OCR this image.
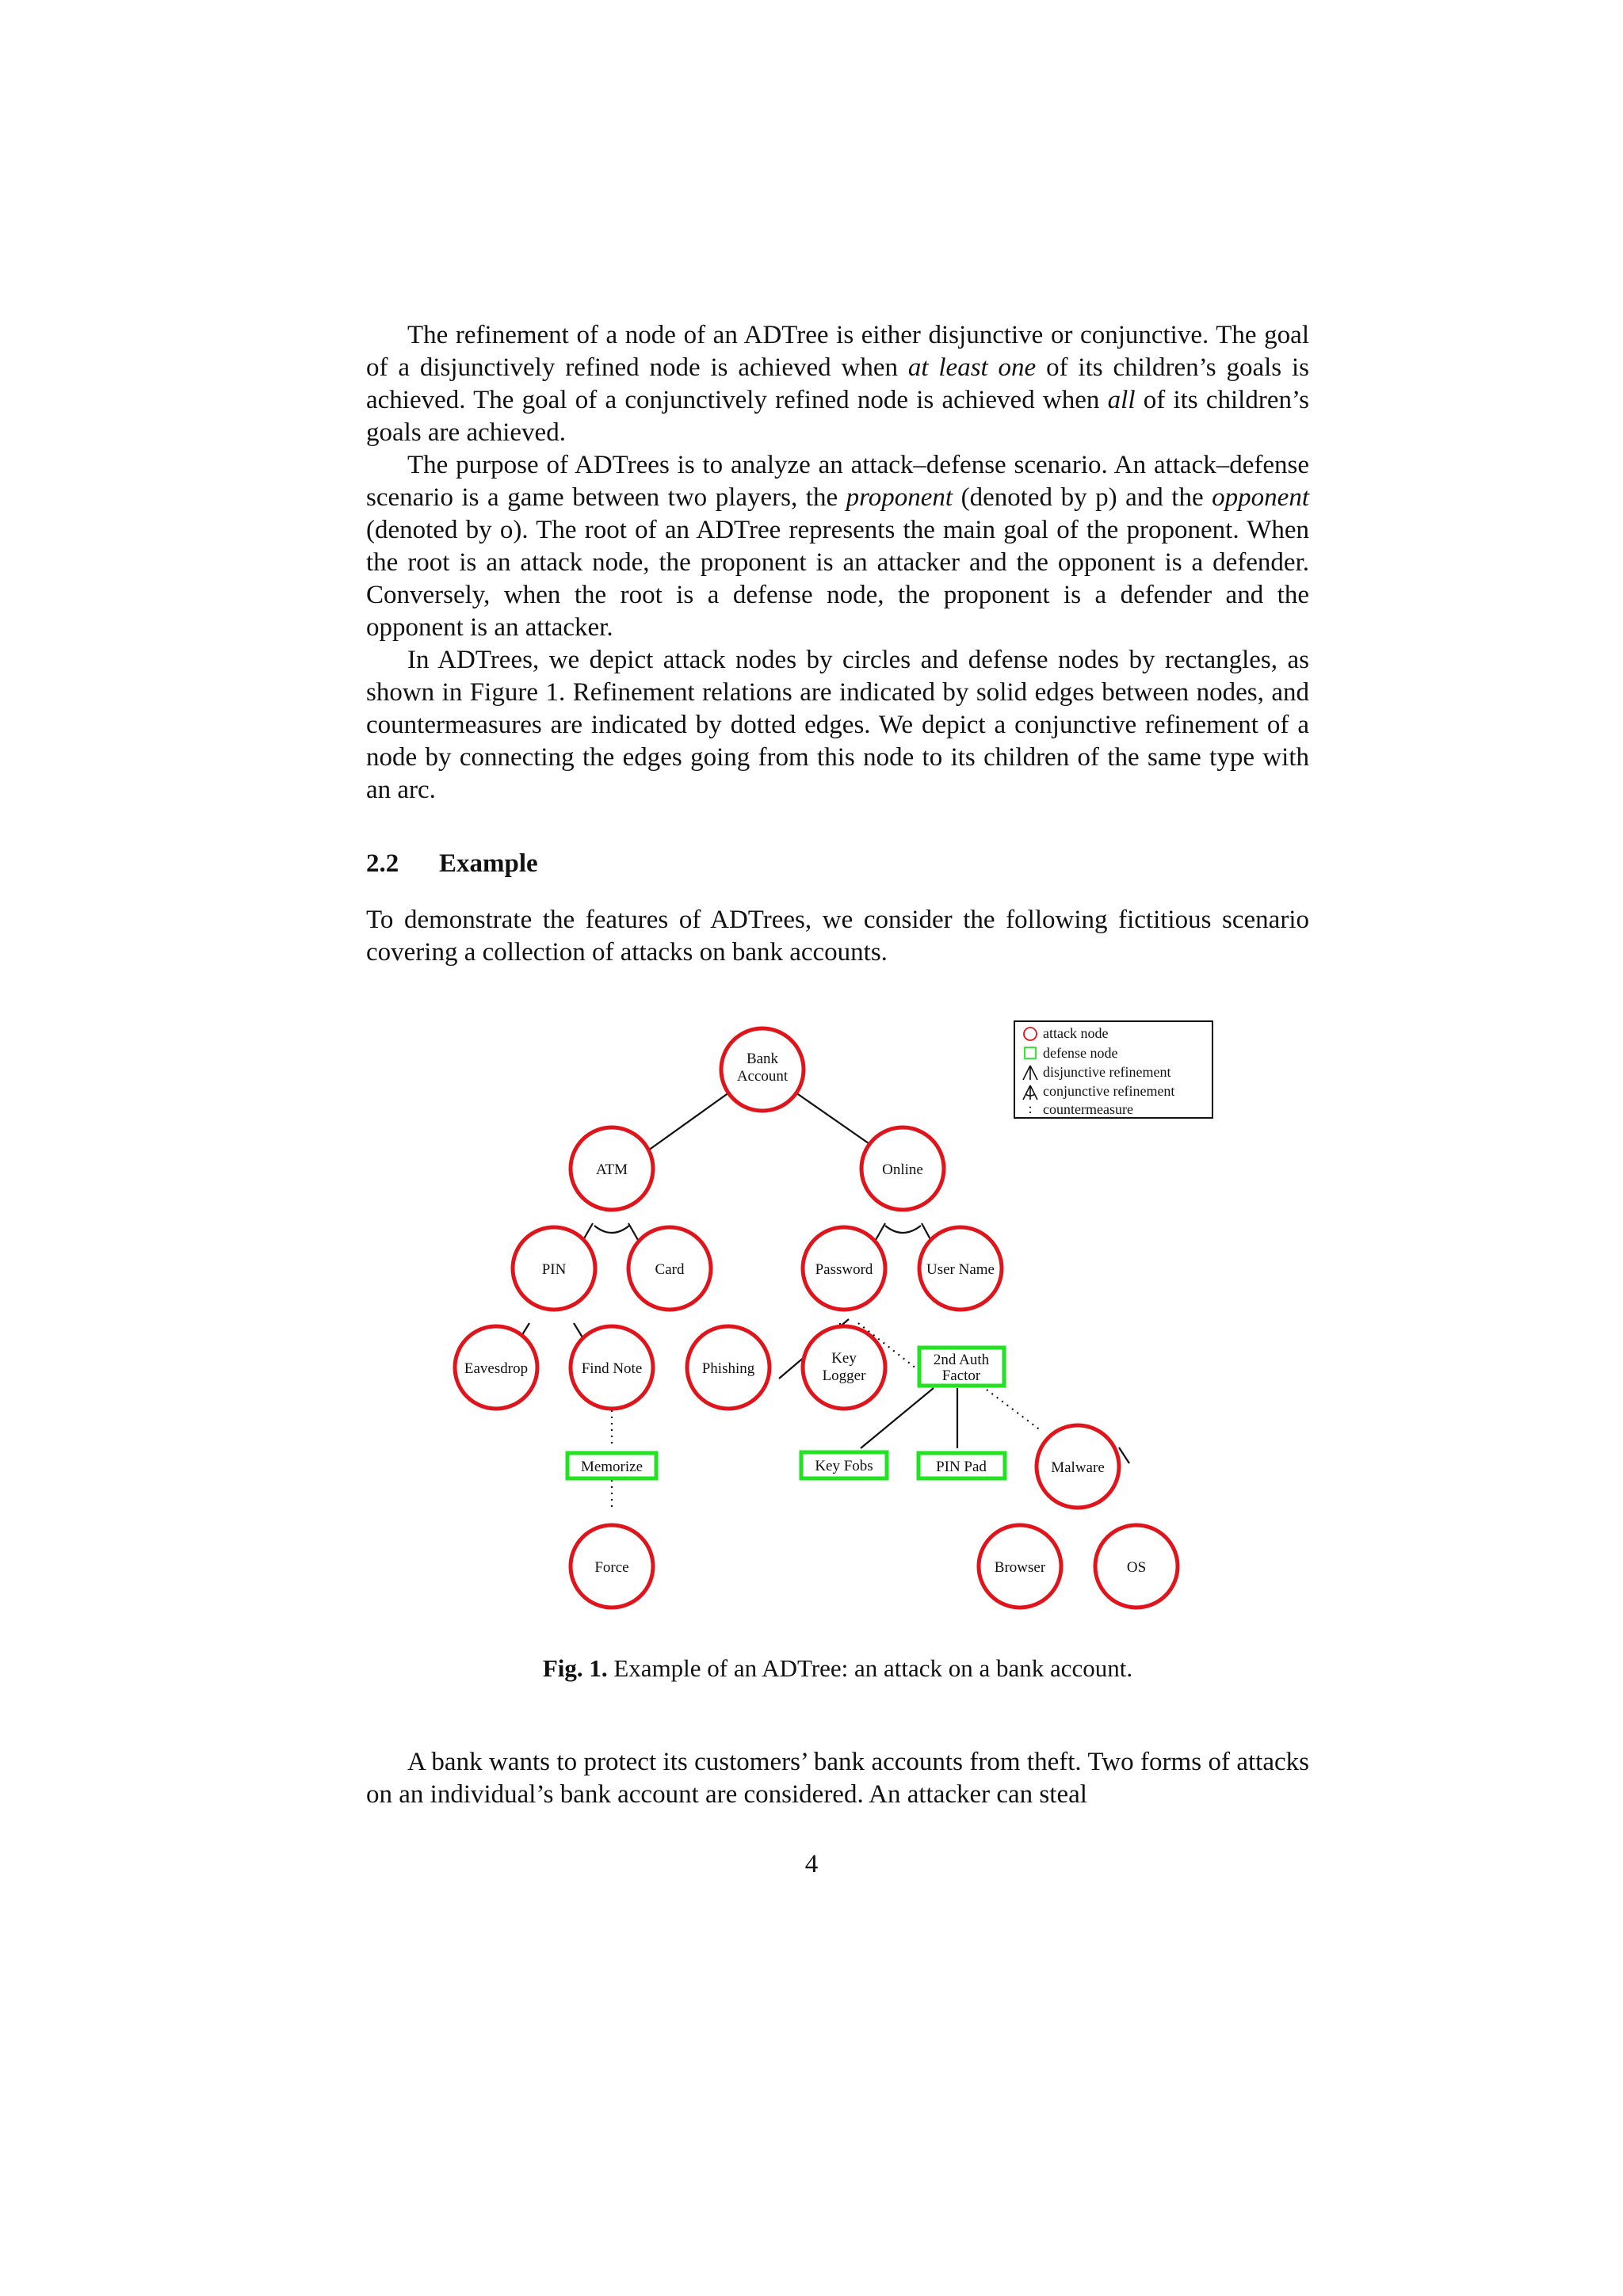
The refinement of a node of an ADTree is either disjunctive or conjunctive. The goal of a disjunctively refined node is achieved when at least one of its children’s goals is achieved. The goal of a conjunctively refined node is achieved when all of its children’s goals are achieved.

The purpose of ADTrees is to analyze an attack–defense scenario. An attack–defense scenario is a game between two players, the proponent (denoted by p) and the opponent (denoted by o). The root of an ADTree represents the main goal of the proponent. When the root is an attack node, the proponent is an attacker and the opponent is a defender. Conversely, when the root is a defense node, the proponent is a defender and the opponent is an attacker.

In ADTrees, we depict attack nodes by circles and defense nodes by rectangles, as shown in Figure 1. Refinement relations are indicated by solid edges between nodes, and countermeasures are indicated by dotted edges. We depict a conjunctive refinement of a node by connecting the edges going from this node to its children of the same type with an arc.

2.2 Example

To demonstrate the features of ADTrees, we consider the following fictitious scenario covering a collection of attacks on bank accounts.

Bank
Account
ATM	Online
PIN	Card	Password	User Name
Eavesdrop	Find Note	Phishing
Key
Logger
2nd Auth
Factor
Memorize	Key Fobs	PIN Pad	Malware
Force	Browser	OS
:
attack node
defense node
disjunctive refinement
conjunctive refinement
countermeasure

Fig. 1. Example of an ADTree: an attack on a bank account.

A bank wants to protect its customers’ bank accounts from theft. Two forms of attacks on an individual’s bank account are considered. An attacker can steal

4
